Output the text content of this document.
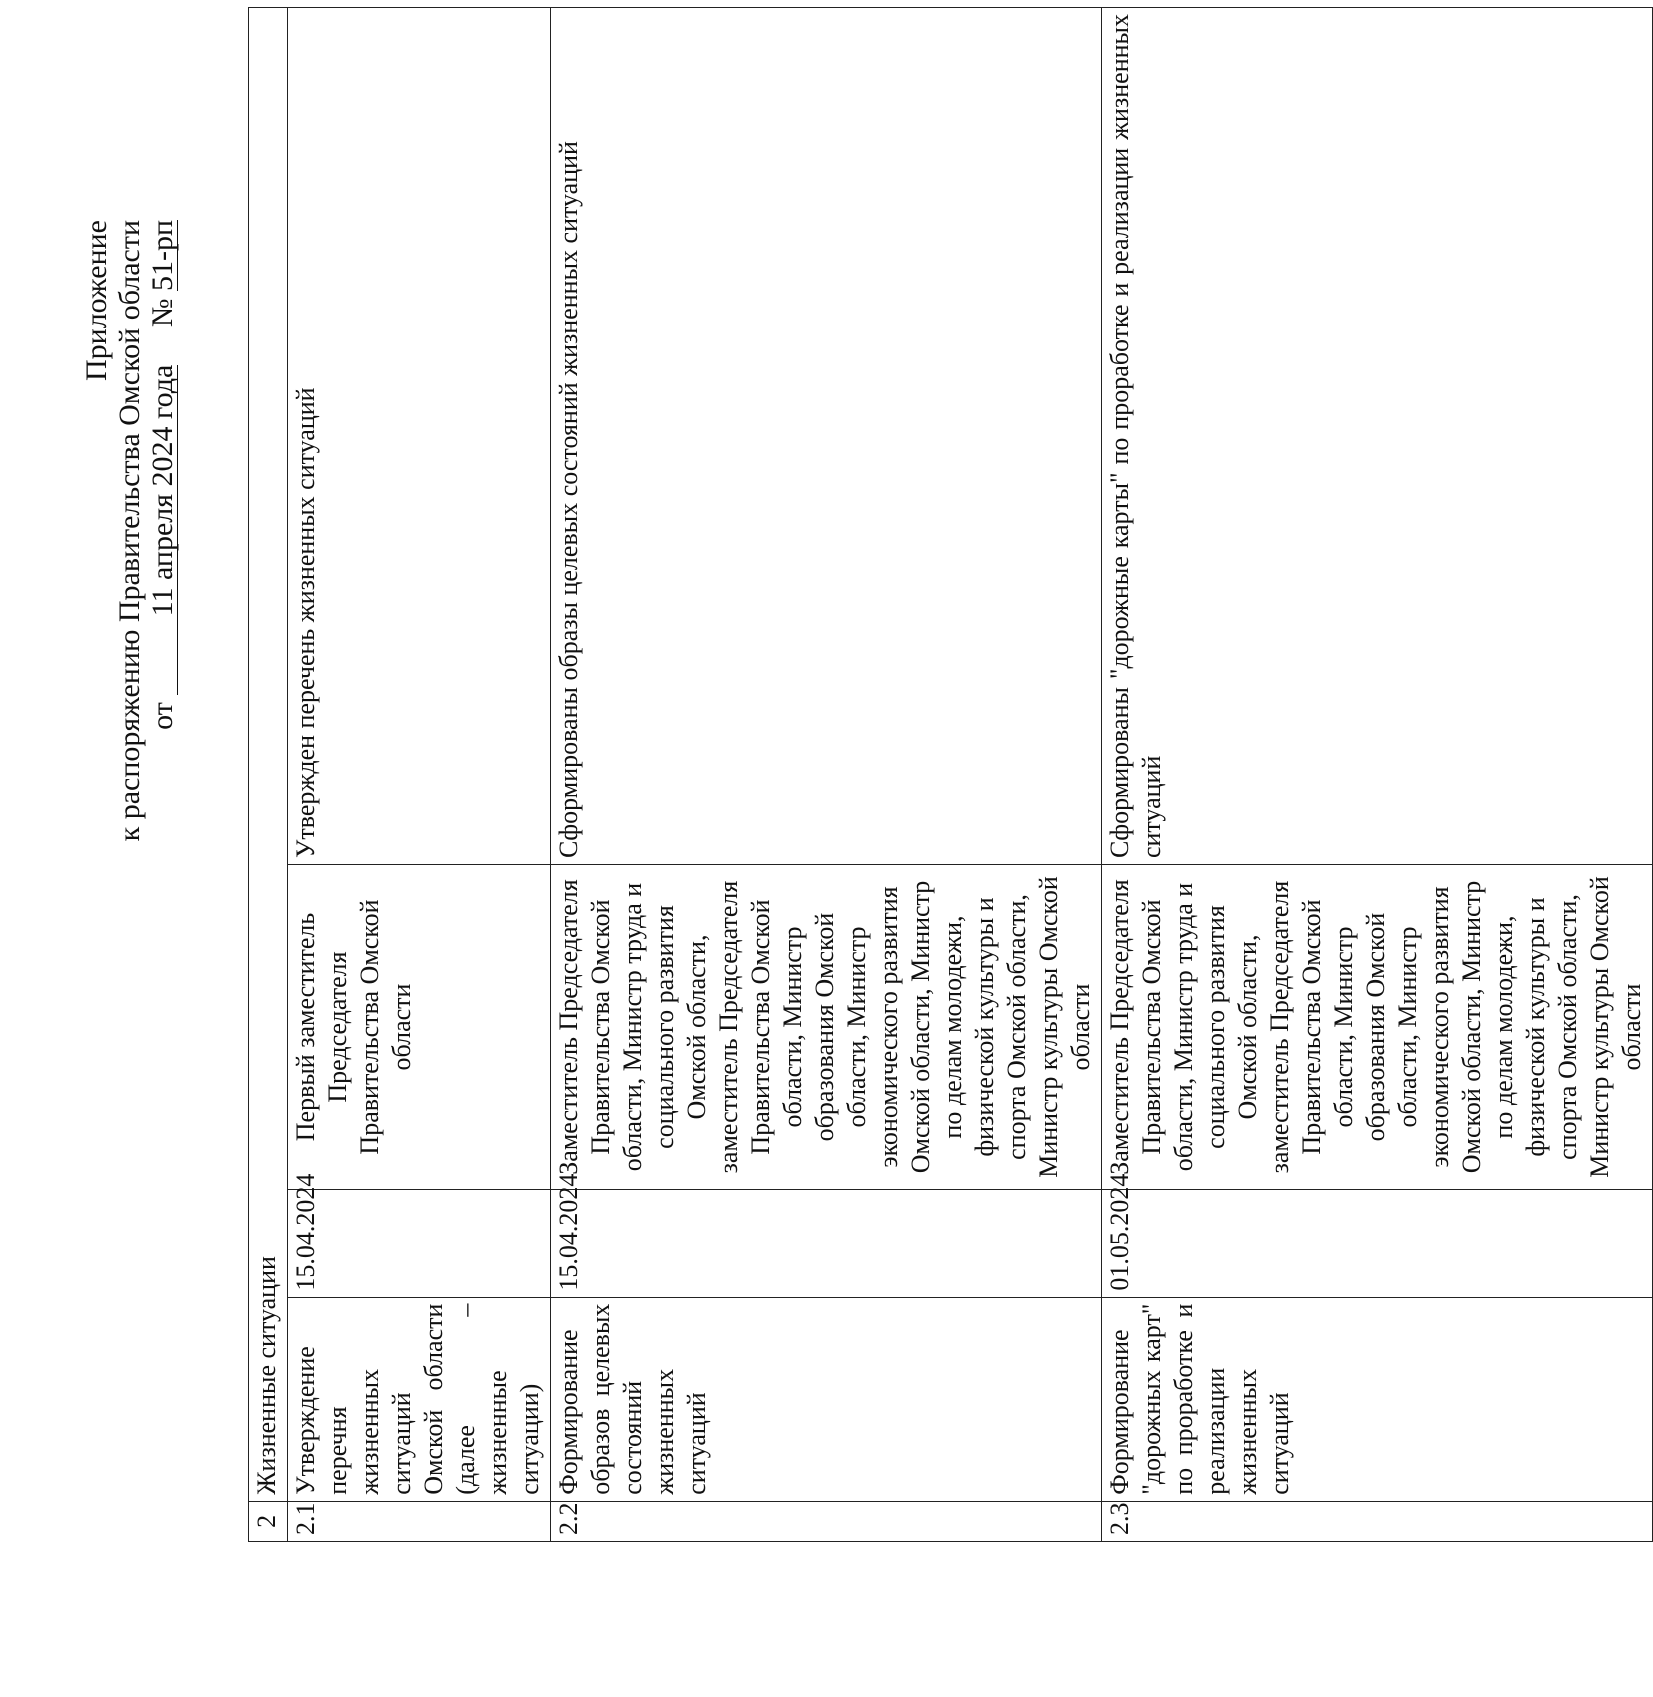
Приложение к распоряжению Правительства Омской области от 11 апреля 2024 года     № 51-рп
2	Жизненные ситуации			
2.1	Утверждение перечня жизненных ситуаций Омской области (далее – жизненные ситуации)	15.04.2024	Первый заместитель Председателя Правительства Омской области	Утвержден перечень жизненных ситуаций
2.2	Формирование образов целевых состояний жизненных ситуаций	15.04.2024	Заместитель Председателя Правительства Омской области, Министр труда и социального развития Омской области, заместитель Председателя Правительства Омской области, Министр образования Омской области, Министр экономического развития Омской области, Министр по делам молодежи, физической культуры и спорта Омской области, Министр культуры Омской области	Сформированы образы целевых состояний жизненных ситуаций
2.3	Формирование "дорожных карт" по проработке и реализации жизненных ситуаций	01.05.2024	Заместитель Председателя Правительства Омской области, Министр труда и социального развития Омской области, заместитель Председателя Правительства Омской области, Министр образования Омской области, Министр экономического развития Омской области, Министр по делам молодежи, физической культуры и спорта Омской области, Министр культуры Омской области	Сформированы "дорожные карты" по проработке и реализации жизненных ситуаций
